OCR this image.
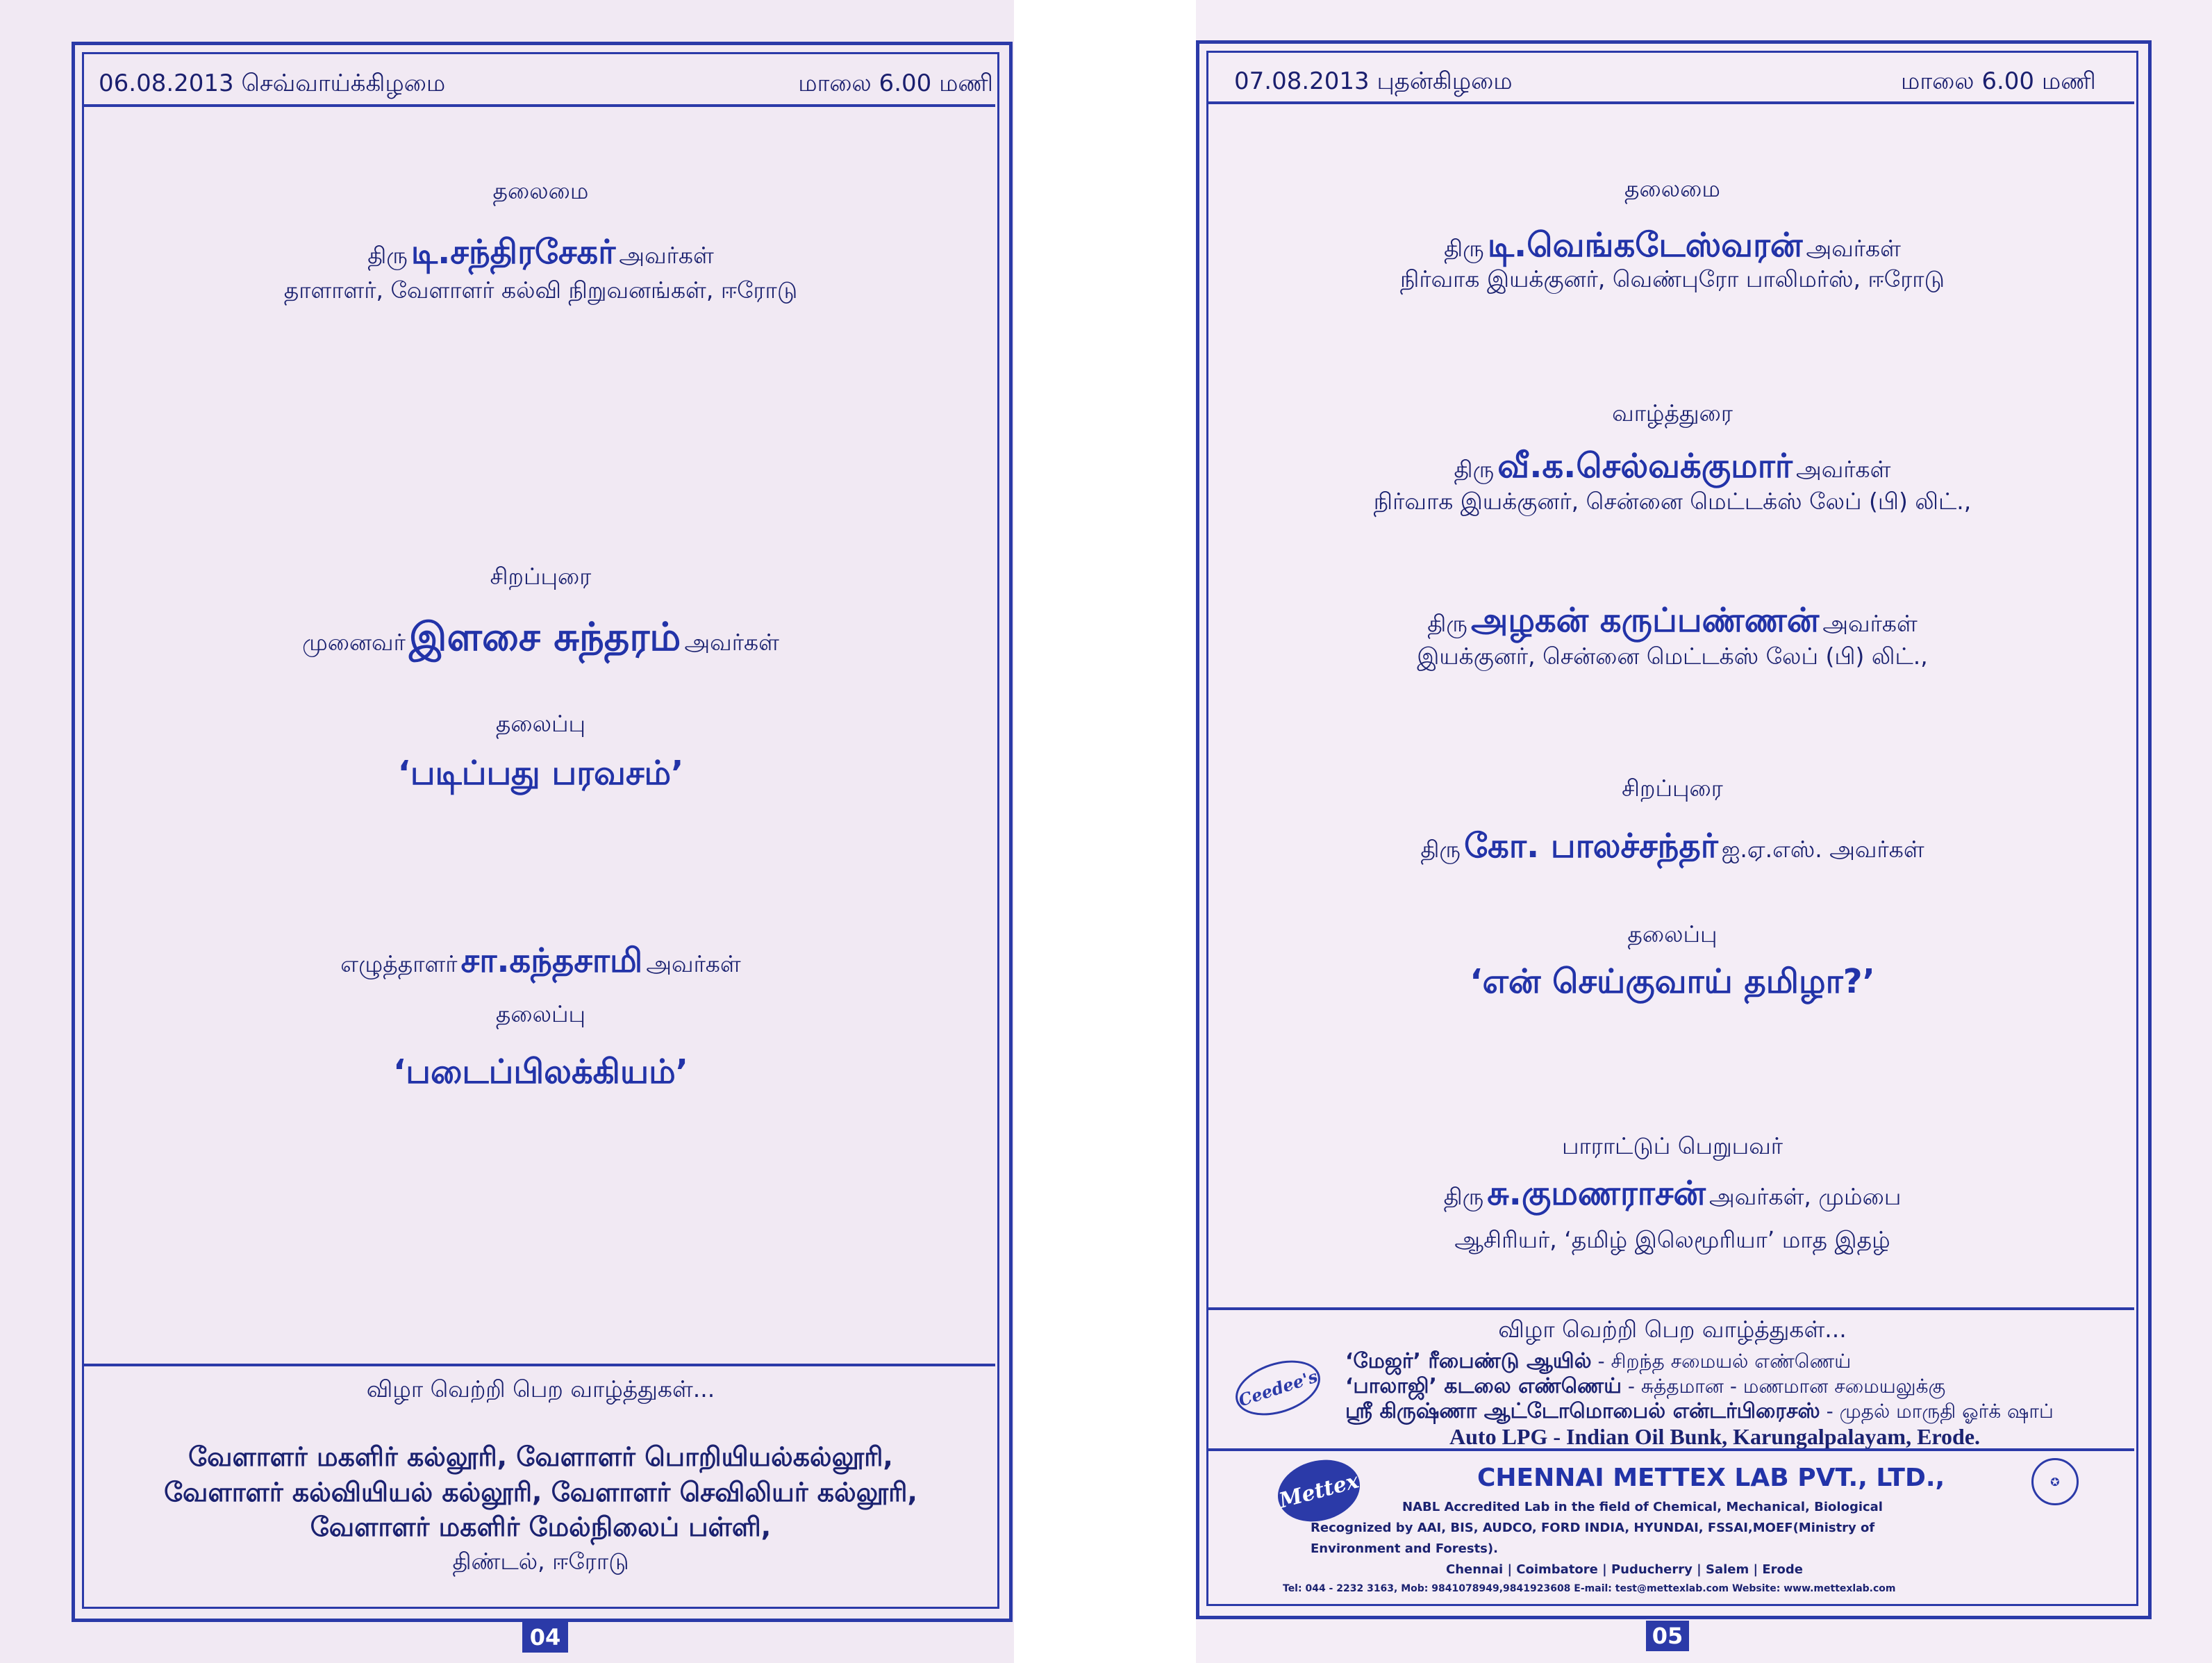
06.08.2013 செவ்வாய்க்கிழமை	மாலை 6.00 மணி
தலைமை
திரு டி.சந்திரசேகர் அவர்கள்
தாளாளர், வேளாளர் கல்வி நிறுவனங்கள், ஈரோடு
சிறப்புரை
முனைவர் இளசை சுந்தரம் அவர்கள்
தலைப்பு
‘படிப்பது பரவசம்’
எழுத்தாளர் சா.கந்தசாமி அவர்கள்
தலைப்பு
‘படைப்பிலக்கியம்’
விழா வெற்றி பெற வாழ்த்துகள்...
வேளாளர் மகளிர் கல்லூரி, வேளாளர் பொறியியல்கல்லூரி,
வேளாளர் கல்வியியல் கல்லூரி, வேளாளர் செவிலியர் கல்லூரி,
வேளாளர் மகளிர் மேல்நிலைப் பள்ளி,
திண்டல், ஈரோடு
04
07.08.2013 புதன்கிழமை	மாலை 6.00 மணி
தலைமை
திரு டி.வெங்கடேஸ்வரன் அவர்கள்
நிர்வாக இயக்குனர், வெண்புரோ பாலிமர்ஸ், ஈரோடு
வாழ்த்துரை
திரு வீ.க.செல்வக்குமார் அவர்கள்
நிர்வாக இயக்குனர், சென்னை மெட்டக்ஸ் லேப் (பி) லிட்.,
திரு அழகன் கருப்பண்ணன் அவர்கள்
இயக்குனர், சென்னை மெட்டக்ஸ் லேப் (பி) லிட்.,
சிறப்புரை
திரு கோ. பாலச்சந்தர் ஐ.ஏ.எஸ். அவர்கள்
தலைப்பு
‘என் செய்குவாய் தமிழா?’
பாராட்டுப் பெறுபவர்
திரு சு.குமணராசன் அவர்கள், மும்பை
ஆசிரியர், ‘தமிழ் இலெமூரியா’ மாத இதழ்
விழா வெற்றி பெற வாழ்த்துகள்...
Ceedee's
‘மேஜர்’ ரீபைண்டு ஆயில் - சிறந்த சமையல் எண்ணெய்
‘பாலாஜி’ கடலை எண்ணெய் - சுத்தமான - மணமான சமையலுக்கு
ஸ்ரீ கிருஷ்ணா ஆட்டோமொபைல் என்டர்பிரைசஸ் - முதல் மாருதி ஓர்க் ஷாப்
Auto LPG - Indian Oil Bunk, Karungalpalayam, Erode.
Mettex	CHENNAI METTEX LAB PVT., LTD.,	✪
NABL Accredited Lab in the field of Chemical, Mechanical, Biological
Recognized by AAI, BIS, AUDCO, FORD INDIA, HYUNDAI, FSSAI,MOEF(Ministry of
Environment and Forests).
Chennai | Coimbatore | Puducherry | Salem | Erode
Tel: 044 - 2232 3163, Mob: 9841078949,9841923608 E-mail: test@mettexlab.com Website: www.mettexlab.com
05
